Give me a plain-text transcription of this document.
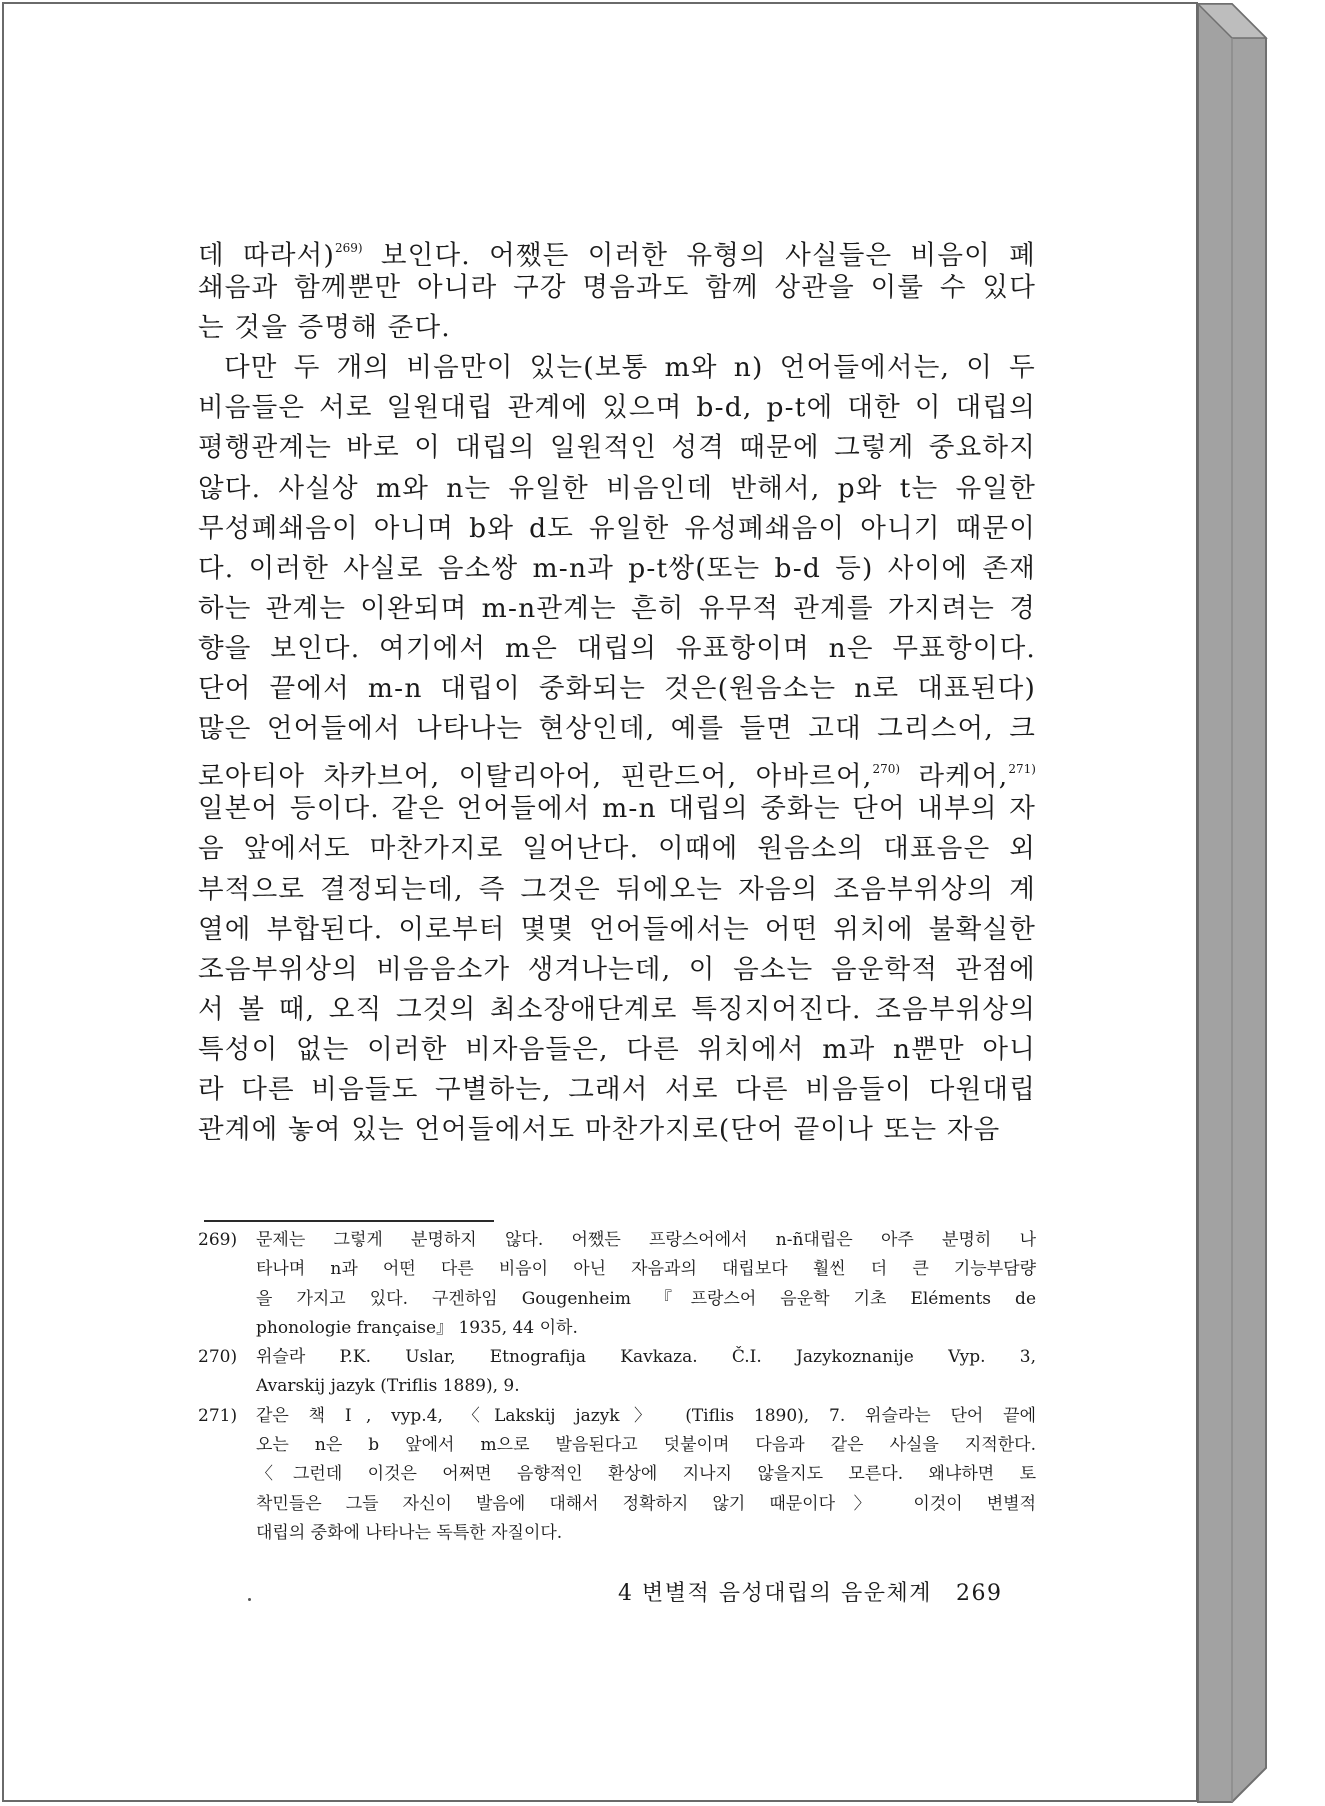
데 따라서)$^{269)}$ 보인다. 어쨌든 이러한 유형의 사실들은 비음이 폐
쇄음과 함께뿐만 아니라 구강 명음과도 함께 상관을 이룰 수 있다
는 것을 증명해 준다.
다만 두 개의 비음만이 있는(보통 m와 n) 언어들에서는, 이 두
비음들은 서로 일원대립 관계에 있으며 b-d, p-t에 대한 이 대립의
평행관계는 바로 이 대립의 일원적인 성격 때문에 그렇게 중요하지
않다. 사실상 m와 n는 유일한 비음인데 반해서, p와 t는 유일한
무성폐쇄음이 아니며 b와 d도 유일한 유성폐쇄음이 아니기 때문이
다. 이러한 사실로 음소쌍 m-n과 p-t쌍(또는 b-d 등) 사이에 존재
하는 관계는 이완되며 m-n관계는 흔히 유무적 관계를 가지려는 경
향을 보인다. 여기에서 m은 대립의 유표항이며 n은 무표항이다.
단어 끝에서 m-n 대립이 중화되는 것은(원음소는 n로 대표된다)
많은 언어들에서 나타나는 현상인데, 예를 들면 고대 그리스어, 크
로아티아 차카브어, 이탈리아어, 핀란드어, 아바르어,$^{270)}$ 라케어,$^{271)}$
일본어 등이다. 같은 언어들에서 m-n 대립의 중화는 단어 내부의 자
음 앞에서도 마찬가지로 일어난다. 이때에 원음소의 대표음은 외
부적으로 결정되는데, 즉 그것은 뒤에오는 자음의 조음부위상의 계
열에 부합된다. 이로부터 몇몇 언어들에서는 어떤 위치에 불확실한
조음부위상의 비음음소가 생겨나는데, 이 음소는 음운학적 관점에
서 볼 때, 오직 그것의 최소장애단계로 특징지어진다. 조음부위상의
특성이 없는 이러한 비자음들은, 다른 위치에서 m과 n뿐만 아니
라 다른 비음들도 구별하는, 그래서 서로 다른 비음들이 다원대립
관계에 놓여 있는 언어들에서도 마찬가지로(단어 끝이나 또는 자음
269)	문제는 그렇게 분명하지 않다. 어쨌든 프랑스어에서 n-ñ대립은 아주 분명히 나
타나며 n과 어떤 다른 비음이 아닌 자음과의 대립보다 훨씬 더 큰 기능부담량
을 가지고 있다. 구겐하임 Gougenheim 『프랑스어 음운학 기초 Eléments de
phonologie française』 1935, 44 이하.
270)	위슬라 P.K. Uslar, Etnografija Kavkaza. Č.I. Jazykoznanije Vyp. 3,
Avarskij jazyk (Triflis 1889), 9.
271)	같은 책 Ⅰ, vyp.4, 〈Lakskij jazyk〉 (Tiflis 1890), 7. 위슬라는 단어 끝에
오는 n은 b 앞에서 m으로 발음된다고 덧붙이며 다음과 같은 사실을 지적한다.
〈그런데 이것은 어쩌면 음향적인 환상에 지나지 않을지도 모른다. 왜냐하면 토
착민들은 그들 자신이 발음에 대해서 정확하지 않기 때문이다〉 이것이 변별적
대립의 중화에 나타나는 독특한 자질이다.
4 변별적 음성대립의 음운체계 269
